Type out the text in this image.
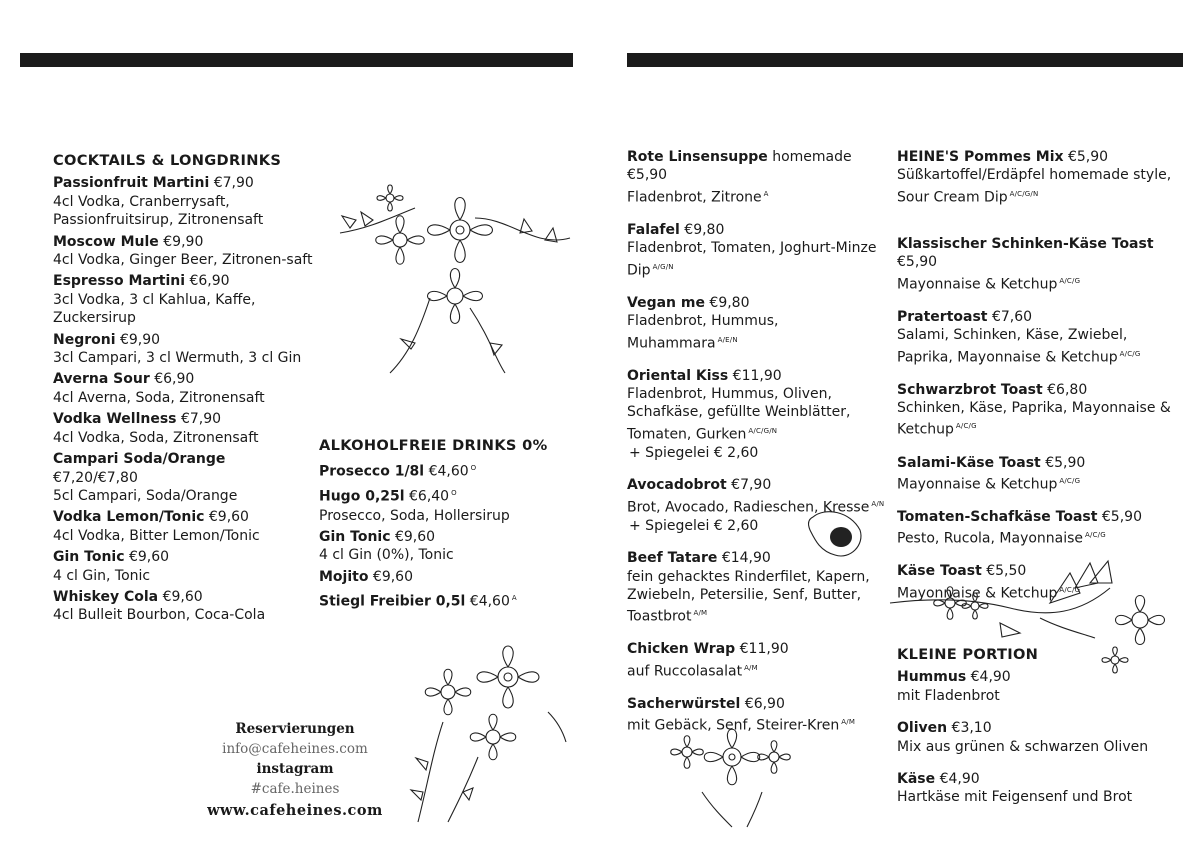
COCKTAILS & LONGDRINKS
Passionfruit Martini €7,90
4cl Vodka, Cranberrysaft, Passionfruitsirup, Zitronensaft
Moscow Mule €9,90
4cl Vodka, Ginger Beer, Zitronen-saft
Espresso Martini €6,90
3cl Vodka, 3 cl Kahlua, Kaffe, Zuckersirup
Negroni €9,90
3cl Campari, 3 cl Wermuth, 3 cl Gin
Averna Sour €6,90
4cl Averna, Soda, Zitronensaft
Vodka Wellness €7,90
4cl Vodka, Soda, Zitronensaft
Campari Soda/Orange €7,20/€7,80
5cl Campari, Soda/Orange
Vodka Lemon/Tonic €9,60
4cl Vodka, Bitter Lemon/Tonic
Gin Tonic €9,60
4 cl Gin, Tonic
Whiskey Cola €9,60
4cl Bulleit Bourbon, Coca-Cola
ALKOHOLFREIE DRINKS 0%
Prosecco 1/8l €4,60 $^O$
Hugo 0,25l €6,40 $^O$
Prosecco, Soda, Hollersirup
Gin Tonic €9,60
4 cl Gin (0%), Tonic
Mojito €9,60
Stiegl Freibier 0,5l €4,60 $^A$
Reservierungen
info@cafeheines.com
instagram
#cafe.heines
www.cafeheines.com
Rote Linsensuppe homemade €5,90
Fladenbrot, Zitrone $^A$
Falafel €9,80
Fladenbrot, Tomaten, Joghurt-Minze Dip $^{A/G/N}$
Vegan me €9,80
Fladenbrot, Hummus, Muhammara $^{A/E/N}$
Oriental Kiss €11,90
Fladenbrot, Hummus, Oliven, Schafkäse, gefüllte Weinblätter, Tomaten, Gurken $^{A/C/G/N}$
+ Spiegelei € 2,60
Avocadobrot €7,90
Brot, Avocado, Radieschen, Kresse $^{A/N}$
+ Spiegelei € 2,60
Beef Tatare €14,90
fein gehacktes Rinderfilet, Kapern, Zwiebeln, Petersilie, Senf, Butter, Toastbrot $^{A/M}$
Chicken Wrap €11,90
auf Ruccolasalat $^{A/M}$
Sacherwürstel €6,90
mit Gebäck, Senf, Steirer-Kren $^{A/M}$
HEINE'S Pommes Mix €5,90
Süßkartoffel/Erdäpfel homemade style, Sour Cream Dip $^{A/C/G/N}$
Klassischer Schinken-Käse Toast €5,90
Mayonnaise & Ketchup $^{A/C/G}$
Pratertoast €7,60
Salami, Schinken, Käse, Zwiebel, Paprika, Mayonnaise & Ketchup $^{A/C/G}$
Schwarzbrot Toast €6,80
Schinken, Käse, Paprika, Mayonnaise & Ketchup $^{A/C/G}$
Salami-Käse Toast €5,90
Mayonnaise & Ketchup $^{A/C/G}$
Tomaten-Schafkäse Toast €5,90
Pesto, Rucola, Mayonnaise $^{A/C/G}$
Käse Toast €5,50
Mayonnaise & Ketchup $^{A/C/G}$
KLEINE PORTION
Hummus €4,90
mit Fladenbrot
Oliven €3,10
Mix aus grünen & schwarzen Oliven
Käse €4,90
Hartkäse mit Feigensenf und Brot
